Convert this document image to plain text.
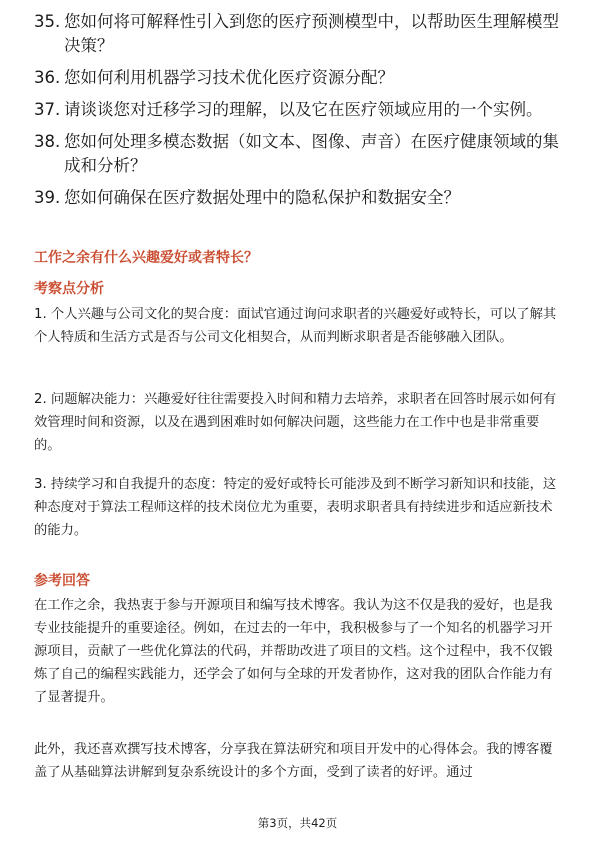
35. 您如何将可解释性引入到您的医疗预测模型中，以帮助医生理解模型决策？
36. 您如何利用机器学习技术优化医疗资源分配？
37. 请谈谈您对迁移学习的理解，以及它在医疗领域应用的一个实例。
38. 您如何处理多模态数据（如文本、图像、声音）在医疗健康领域的集成和分析？
39. 您如何确保在医疗数据处理中的隐私保护和数据安全？
工作之余有什么兴趣爱好或者特长？
考察点分析
1. 个人兴趣与公司文化的契合度：面试官通过询问求职者的兴趣爱好或特长，可以了解其个人特质和生活方式是否与公司文化相契合，从而判断求职者是否能够融入团队。
2. 问题解决能力：兴趣爱好往往需要投入时间和精力去培养，求职者在回答时展示如何有效管理时间和资源，以及在遇到困难时如何解决问题，这些能力在工作中也是非常重要的。
3. 持续学习和自我提升的态度：特定的爱好或特长可能涉及到不断学习新知识和技能，这种态度对于算法工程师这样的技术岗位尤为重要，表明求职者具有持续进步和适应新技术的能力。
参考回答
在工作之余，我热衷于参与开源项目和编写技术博客。我认为这不仅是我的爱好，也是我专业技能提升的重要途径。例如，在过去的一年中，我积极参与了一个知名的机器学习开源项目，贡献了一些优化算法的代码，并帮助改进了项目的文档。这个过程中，我不仅锻炼了自己的编程实践能力，还学会了如何与全球的开发者协作，这对我的团队合作能力有了显著提升。
此外，我还喜欢撰写技术博客，分享我在算法研究和项目开发中的心得体会。我的博客覆盖了从基础算法讲解到复杂系统设计的多个方面，受到了读者的好评。通过
第3页，共42页
